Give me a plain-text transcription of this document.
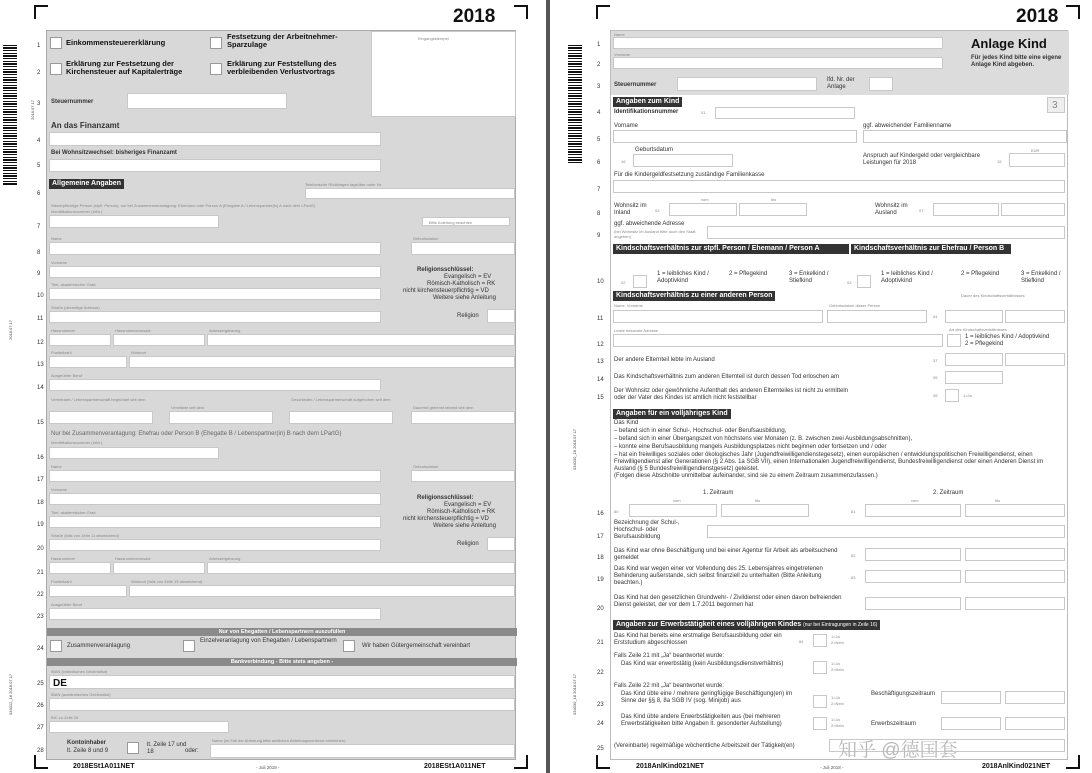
2018
2018.07.17
034012_18 2018.07.17
2018.07.17
Eingangsstempel
Einkommensteuererklärung
Festsetzung der Arbeitnehmer-Sparzulage
Erklärung zur Festsetzung der Kirchensteuer auf Kapitalerträge
Erklärung zur Feststellung des verbleibenden Verlustvortrags
Steuernummer
An das Finanzamt
Bei Wohnsitzwechsel: bisheriges Finanzamt
Allgemeine Angaben	Telefonische Rückfragen tagsüber unter Nr.
Steuerpflichtige Person (stpfl. Person), nur bei Zusammenveranlagung: Ehemann oder Person A (Ehegatte A / Lebenspartner(in) A nach dem LPartG)
Identifikationsnummer (IdNr.)
Bitte Anleitung beachten
Name	Geburtsdatum
Vorname
Titel, akademischer Grad
Religionsschlüssel:
Evangelisch = EV
Römisch-Katholisch = RK
nicht kirchensteuerpflichtig = VD
Weitere siehe Anleitung
Straße (derzeitige Adresse)
Religion
Hausnummer	Hausnummerzusatz	Adressergänzung
Postleitzahl	Wohnort
Ausgeübter Beruf
Verheiratet / Lebenspartnerschaft begründet seit dem
Verwitwet seit dem
Geschieden / Lebenspartnerschaft aufgehoben seit dem
Dauernd getrennt lebend seit dem
Nur bei Zusammenveranlagung: Ehefrau oder Person B (Ehegatte B / Lebenspartner(in) B nach dem LPartG)
Identifikationsnummer (IdNr.)
Name	Geburtsdatum
Vorname
Titel, akademischer Grad
Religionsschlüssel:
Evangelisch = EV
Römisch-Katholisch = RK
nicht kirchensteuerpflichtig = VD
Weitere siehe Anleitung
Straße (falls von Zeile 11 abweichend)
Religion
Hausnummer	Hausnummerzusatz	Adressergänzung
Postleitzahl	Wohnort (falls von Zeile 13 abweichend)
Ausgeübter Beruf
Nur von Ehegatten / Lebenspartnern auszufüllen
Zusammenveranlagung
Einzelveranlagung von Ehegatten / Lebenspartnern
Wir haben Gütergemeinschaft vereinbart
Bankverbindung - Bitte stets angeben -
IBAN (inländisches Geldinstitut)
DE
IBAN (ausländisches Geldinstitut)
BIC zu Zeile 26
Kontoinhaber
lt. Zeile 8 und 9
lt. Zeile 17 und 18	oder:
Name (im Fall der Abtretung bitte amtlichen Abtretungsvordruck einreichen)
1
2
3
4
5
6
7
8
9
10
11
12
13
14
15
16
17
18
19
20
21
22
23
24
25
26
27
28
2018ESt1A011NET	- Juli 2018 -	2018ESt1A011NET
2018
034030_18 2018.07.17
034030_18 2018.07.17
Name
Vorname
Steuernummer
lfd. Nr. der Anlage
Anlage Kind
Für jedes Kind bitte eine eigene Anlage Kind abgeben.
Angaben zum Kind	3
Identifikationsnummer	01
Vorname	ggf. abweichender Familienname
Geburtsdatum
16
Anspruch auf Kindergeld oder vergleichbare Leistungen für 2018	15
EUR
Für die Kindergeldfestsetzung zuständige Familienkasse
Wohnsitz im Inland	03
vom	bis
Wohnsitz im Ausland	07
ggf. abweichende Adresse
(bei Wohnsitz im Ausland bitte auch den Staat angeben)
Kindschaftsverhältnis zur stpfl. Person / Ehemann / Person A	Kindschaftsverhältnis zur Ehefrau / Person B
02
1 = leibliches Kind / Adoptivkind
2 = Pflegekind	3 = Enkelkind / Stiefkind	03
1 = leibliches Kind / Adoptivkind
2 = Pflegekind	3 = Enkelkind / Stiefkind
Kindschaftsverhältnis zu einer anderen Person	Dauer des Kindschaftsverhältnisses
Name, Vorname	Geburtsdatum dieser Person
04
Letzte bekannte Adresse	Art des Kindschaftsverhältnisses
1 = leibliches Kind / Adoptivkind
2 = Pflegekind
Der andere Elternteil lebte im Ausland	37
Das Kindschaftsverhältnis zum anderen Elternteil ist durch dessen Tod erloschen am	05
Der Wohnsitz oder gewöhnliche Aufenthalt des anderen Elternteiles ist nicht zu ermitteln
oder der Vater des Kindes ist amtlich nicht feststellbar	06	1=Ja
Angaben für ein volljähriges Kind
Das Kind
– befand sich in einer Schul-, Hochschul- oder Berufsausbildung,
– befand sich in einer Übergangszeit von höchstens vier Monaten (z. B. zwischen zwei Ausbildungsabschnitten),
– konnte eine Berufsausbildung mangels Ausbildungsplatzes nicht beginnen oder fortsetzen und / oder
– hat ein freiwilliges soziales oder ökologisches Jahr (Jugendfreiwilligendienstegesetz), einen europäischen / entwicklungspolitischen Freiwilligendienst, einen Freiwilligendienst aller Generationen (§ 2 Abs. 1a SGB VII), einen Internationalen Jugendfreiwilligendienst, Bundesfreiwilligendienst oder einen Anderen Dienst im Ausland (§ 5 Bundesfreiwilligendienstgesetz) geleistet.
(Folgen diese Abschnitte unmittelbar aufeinander, sind sie zu einem Zeitraum zusammenzufassen.)
1. Zeitraum	2. Zeitraum
vom	bis	vom	bis
80	81
Bezeichnung der Schul-, Hochschul- oder Berufsausbildung
Das Kind war ohne Beschäftigung und bei einer Agentur für Arbeit als arbeitsuchend gemeldet	82
Das Kind war wegen einer vor Vollendung des 25. Lebensjahres eingetretenen Behinderung außerstande, sich selbst finanziell zu unterhalten (Bitte Anleitung beachten.)
83
Das Kind hat den gesetzlichen Grundwehr- / Zivildienst oder einen davon befreienden Dienst geleistet, der vor dem 1.7.2011 begonnen hat
Angaben zur Erwerbstätigkeit eines volljährigen Kindes (nur bei Eintragungen in Zeile 16)
Das Kind hat bereits eine erstmalige Berufsausbildung oder ein Erststudium abgeschlossen	84
1=Ja
2=Nein
Falls Zeile 21 mit „Ja“ beantwortet wurde:
Das Kind war erwerbstätig (kein Ausbildungsdienstverhältnis)	1=Ja
2=Nein
Falls Zeile 22 mit „Ja“ beantwortet wurde:
Das Kind übte eine / mehrere geringfügige Beschäftigung(en) im Sinne der §§ 8, 8a SGB IV (sog. Minijob) aus
1=Ja
2=Nein
Beschäftigungszeitraum
Das Kind übte andere Erwerbstätigkeiten aus (bei mehreren Erwerbstätigkeiten bitte Angaben lt. gesonderter Aufstellung)
1=Ja
2=Nein	Erwerbszeitraum
(Vereinbarte) regelmäßige wöchentliche Arbeitszeit der Tätigkeit(en)
1
2
3
4
5
6
7
8
9
10
11
12
13
14
15
16
17
18
19
20
21
22
23
24
25
2018AnlKind021NET	- Juli 2018 -	2018AnlKind021NET
知乎 @德国套
